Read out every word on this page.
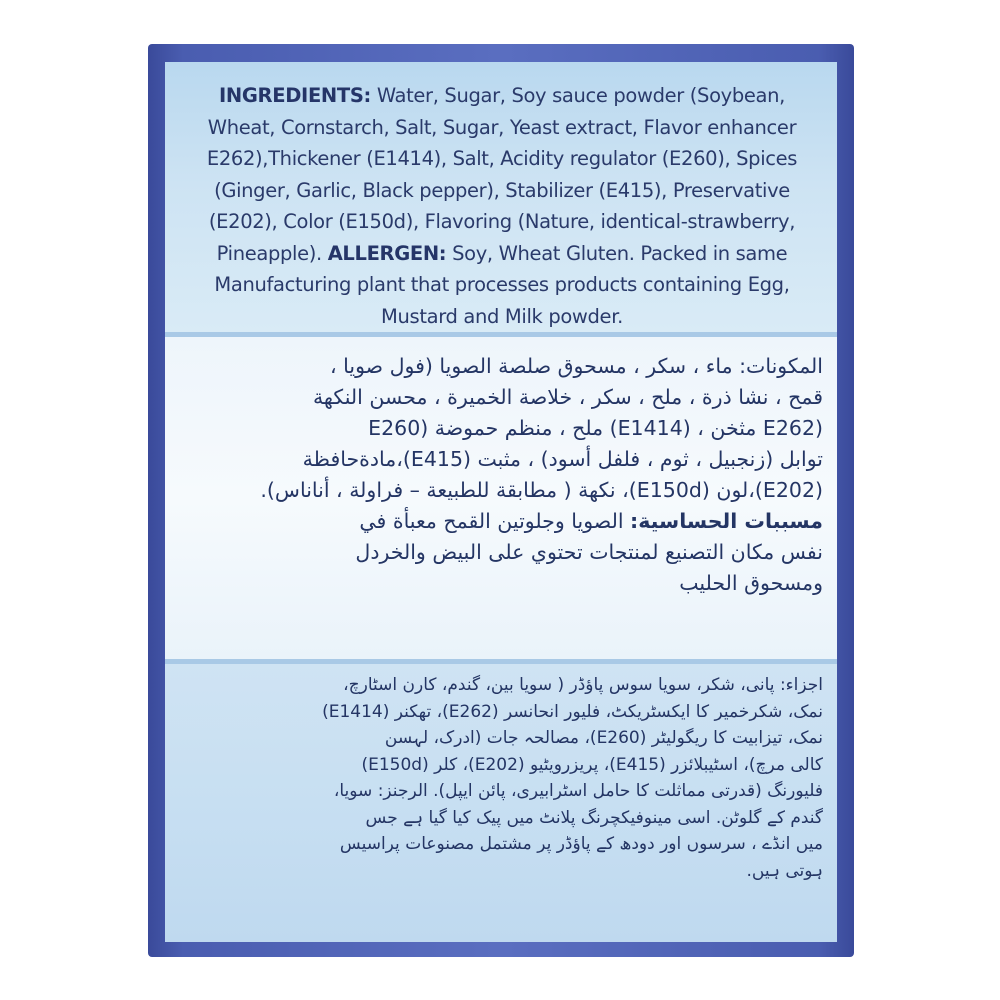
INGREDIENTS: Water, Sugar, Soy sauce powder (Soybean,
Wheat, Cornstarch, Salt, Sugar, Yeast extract, Flavor enhancer
E262),Thickener (E1414), Salt, Acidity regulator (E260), Spices
(Ginger, Garlic, Black pepper), Stabilizer (E415), Preservative
(E202), Color (E150d), Flavoring (Nature, identical-strawberry,
Pineapple). ALLERGEN: Soy, Wheat Gluten. Packed in same
Manufacturing plant that processes products containing Egg,
Mustard and Milk powder.
المكونات: ماء ، سكر ، مسحوق صلصة الصويا (فول صويا ،
قمح ، نشا ذرة ، ملح ، سكر ، خلاصة الخميرة ، محسن النكهة
(E262 مثخن ، (E1414) ملح ، منظم حموضة (E260
توابل (زنجبيل ، ثوم ، فلفل أسود) ، مثبت (E415)،مادةحافظة
(E202)،لون (E150d)، نكهة ( مطابقة للطبيعة – فراولة ، أناناس).
مسببات الحساسية: الصويا وجلوتين القمح معبأة في
نفس مكان التصنيع لمنتجات تحتوي على البيض والخردل
ومسحوق الحليب
اجزاء: پانی، شکر، سویا سوس پاؤڈر ( سویا بین، گندم، کارن اسٹارچ،
نمک، شکرخمیر کا ایکسٹریکٹ، فلیور انحانسر (E262)، تھکنر (E1414)
نمک، تیزابیت کا ریگولیٹر (E260)، مصالحہ جات (ادرک، لہسن
کالی مرچ)، اسٹیبلائزر (E415)، پریزرویٹیو (E202)، کلر (E150d)
فلیورنگ (قدرتی مماثلت کا حامل اسٹرابیری، پائن ایپل). الرجنز: سویا،
گندم کے گلوٹن. اسی مینوفیکچرنگ پلانٹ میں پیک کیا گیا ہے جس
میں انڈے ، سرسوں اور دودھ کے پاؤڈر پر مشتمل مصنوعات پراسیس
ہوتی ہیں.
